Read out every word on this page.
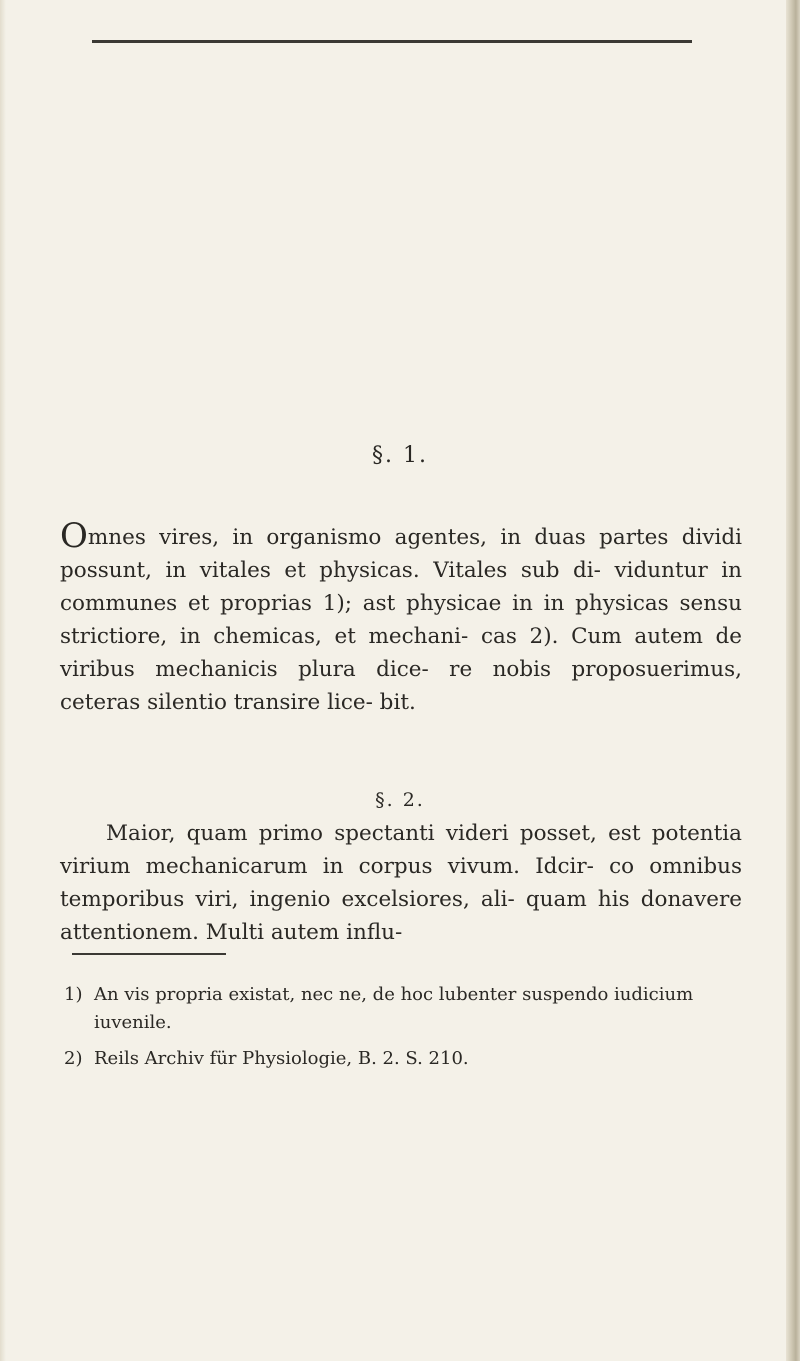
§. 1.

Omnes vires, in organismo agentes, in duas partes dividi possunt, in vitales et physicas. Vitales sub di- viduntur in communes et proprias 1); ast physicae in in physicas sensu strictiore, in chemicas, et mechani- cas 2). Cum autem de viribus mechanicis plura dice- re nobis proposuerimus, ceteras silentio transire lice- bit.

§. 2.

Maior, quam primo spectanti videri posset, est potentia virium mechanicarum in corpus vivum. Idcir- co omnibus temporibus viri, ingenio excelsiores, ali- quam his donavere attentionem. Multi autem influ-

1) An vis propria existat, nec ne, de hoc lubenter suspendo iudicium iuvenile.
2) Reils Archiv für Physiologie, B. 2. S. 210.
